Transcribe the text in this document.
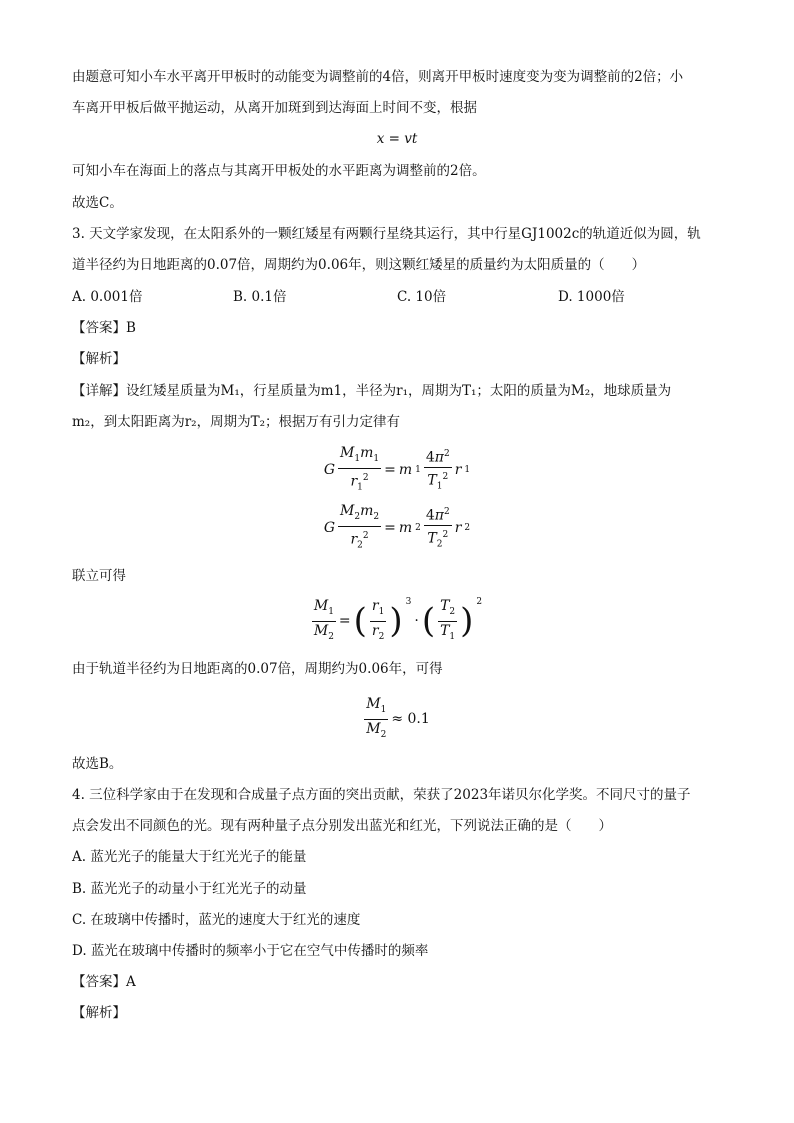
由题意可知小车水平离开甲板时的动能变为调整前的4倍，则离开甲板时速度变为变为调整前的2倍；小
车离开甲板后做平抛运动，从离开加斑到到达海面上时间不变，根据
x = vt
可知小车在海面上的落点与其离开甲板处的水平距离为调整前的2倍。
故选C。
3. 天文学家发现，在太阳系外的一颗红矮星有两颗行星绕其运行，其中行星GJ1002c的轨道近似为圆，轨
道半径约为日地距离的0.07倍，周期约为0.06年，则这颗红矮星的质量约为太阳质量的（　　）
A. 0.001倍	B. 0.1倍	C. 10倍	D. 1000倍
【答案】B
【解析】
【详解】设红矮星质量为M₁，行星质量为m1，半径为r₁，周期为T₁；太阳的质量为M₂，地球质量为
m₂，到太阳距离为r₂，周期为T₂；根据万有引力定律有
G $\frac{M_1m_1}{r_1^2} = m$ $1 \frac{4\pi^2}{T_1^2}$ r 1
G $\frac{M_2m_2}{r_2^2} = m$ $2 \frac{4\pi^2}{T_2^2}$ r 2
联立可得
$\frac{M_1}{M_2}$ = ( $\frac{r_1}{r_2}$ ) $^3$
· ( $\frac{T_2}{T_1}$ ) $^2$
由于轨道半径约为日地距离的0.07倍，周期约为0.06年，可得
$\frac{M_1}{M_2} \approx 0.1$
故选B。
4. 三位科学家由于在发现和合成量子点方面的突出贡献，荣获了2023年诺贝尔化学奖。不同尺寸的量子
点会发出不同颜色的光。现有两种量子点分别发出蓝光和红光，下列说法正确的是（　　）
A. 蓝光光子的能量大于红光光子的能量
B. 蓝光光子的动量小于红光光子的动量
C. 在玻璃中传播时，蓝光的速度大于红光的速度
D. 蓝光在玻璃中传播时的频率小于它在空气中传播时的频率
【答案】A
【解析】
